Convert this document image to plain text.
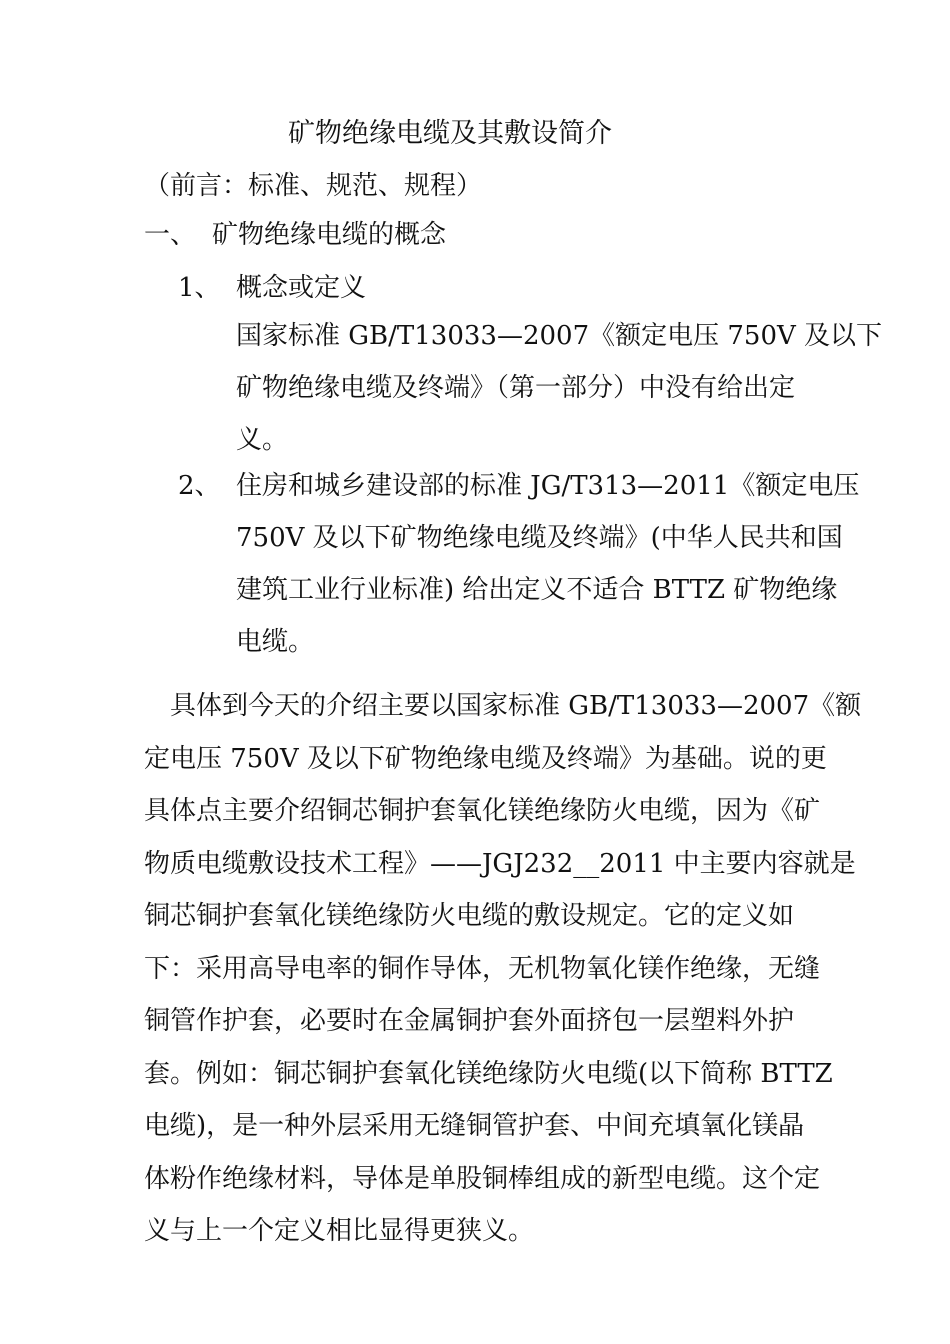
矿物绝缘电缆及其敷设简介
（前言：标准、规范、规程）
一、 矿物绝缘电缆的概念
1、 概念或定义
国家标准 GB/T13033—2007《额定电压 750V 及以下
矿物绝缘电缆及终端》（第一部分）中没有给出定
义。
2、 住房和城乡建设部的标准 JG/T313—2011《额定电压
750V 及以下矿物绝缘电缆及终端》(中华人民共和国
建筑工业行业标准) 给出定义不适合 BTTZ 矿物绝缘
电缆。
　具体到今天的介绍主要以国家标准 GB/T13033—2007《额
定电压 750V 及以下矿物绝缘电缆及终端》为基础。说的更
具体点主要介绍铜芯铜护套氧化镁绝缘防火电缆，因为《矿
物质电缆敷设技术工程》——JGJ232__2011 中主要内容就是
铜芯铜护套氧化镁绝缘防火电缆的敷设规定。它的定义如
下：采用高导电率的铜作导体，无机物氧化镁作绝缘，无缝
铜管作护套，必要时在金属铜护套外面挤包一层塑料外护
套。例如：铜芯铜护套氧化镁绝缘防火电缆(以下简称 BTTZ
电缆)，是一种外层采用无缝铜管护套、中间充填氧化镁晶
体粉作绝缘材料，导体是单股铜棒组成的新型电缆。这个定
义与上一个定义相比显得更狭义。
